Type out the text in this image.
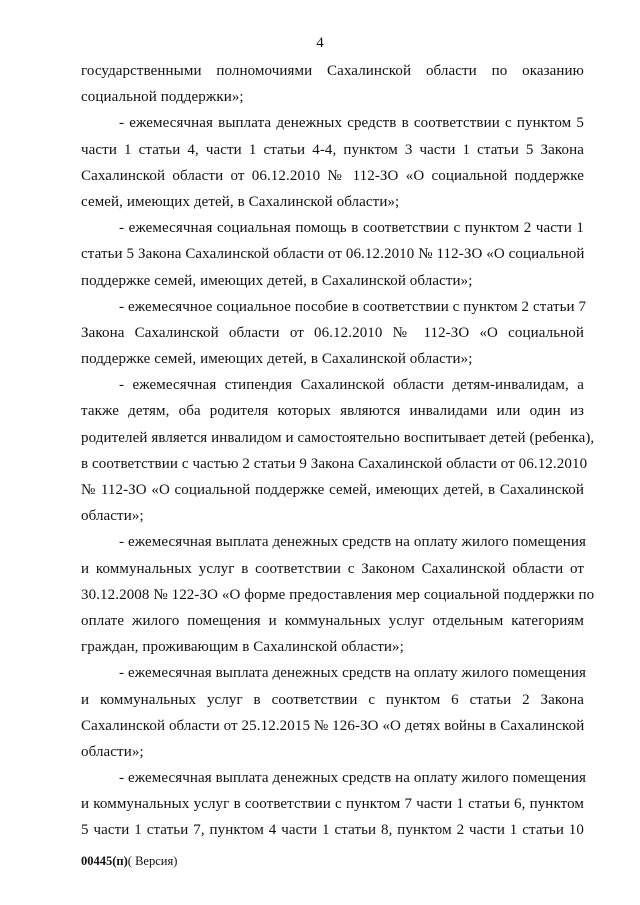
4
государственными полномочиями Сахалинской области по оказанию
социальной поддержки»;
- ежемесячная выплата денежных средств в соответствии с пунктом 5
части 1 статьи 4, части 1 статьи 4-4, пунктом 3 части 1 статьи 5 Закона
Сахалинской области от 06.12.2010 № 112-ЗО «О социальной поддержке
семей, имеющих детей, в Сахалинской области»;
- ежемесячная социальная помощь в соответствии с пунктом 2 части 1
статьи 5 Закона Сахалинской области от 06.12.2010 № 112-ЗО «О социальной
поддержке семей, имеющих детей, в Сахалинской области»;
- ежемесячное социальное пособие в соответствии с пунктом 2 статьи 7
Закона Сахалинской области от 06.12.2010 № 112-ЗО «О социальной
поддержке семей, имеющих детей, в Сахалинской области»;
- ежемесячная стипендия Сахалинской области детям-инвалидам, а
также детям, оба родителя которых являются инвалидами или один из
родителей является инвалидом и самостоятельно воспитывает детей (ребенка),
в соответствии с частью 2 статьи 9 Закона Сахалинской области от 06.12.2010
№ 112-ЗО «О социальной поддержке семей, имеющих детей, в Сахалинской
области»;
- ежемесячная выплата денежных средств на оплату жилого помещения
и коммунальных услуг в соответствии с Законом Сахалинской области от
30.12.2008 № 122-ЗО «О форме предоставления мер социальной поддержки по
оплате жилого помещения и коммунальных услуг отдельным категориям
граждан, проживающим в Сахалинской области»;
- ежемесячная выплата денежных средств на оплату жилого помещения
и коммунальных услуг в соответствии с пунктом 6 статьи 2 Закона
Сахалинской области от 25.12.2015 № 126-ЗО «О детях войны в Сахалинской
области»;
- ежемесячная выплата денежных средств на оплату жилого помещения
и коммунальных услуг в соответствии с пунктом 7 части 1 статьи 6, пунктом
5 части 1 статьи 7, пунктом 4 части 1 статьи 8, пунктом 2 части 1 статьи 10
00445(п)( Версия)
